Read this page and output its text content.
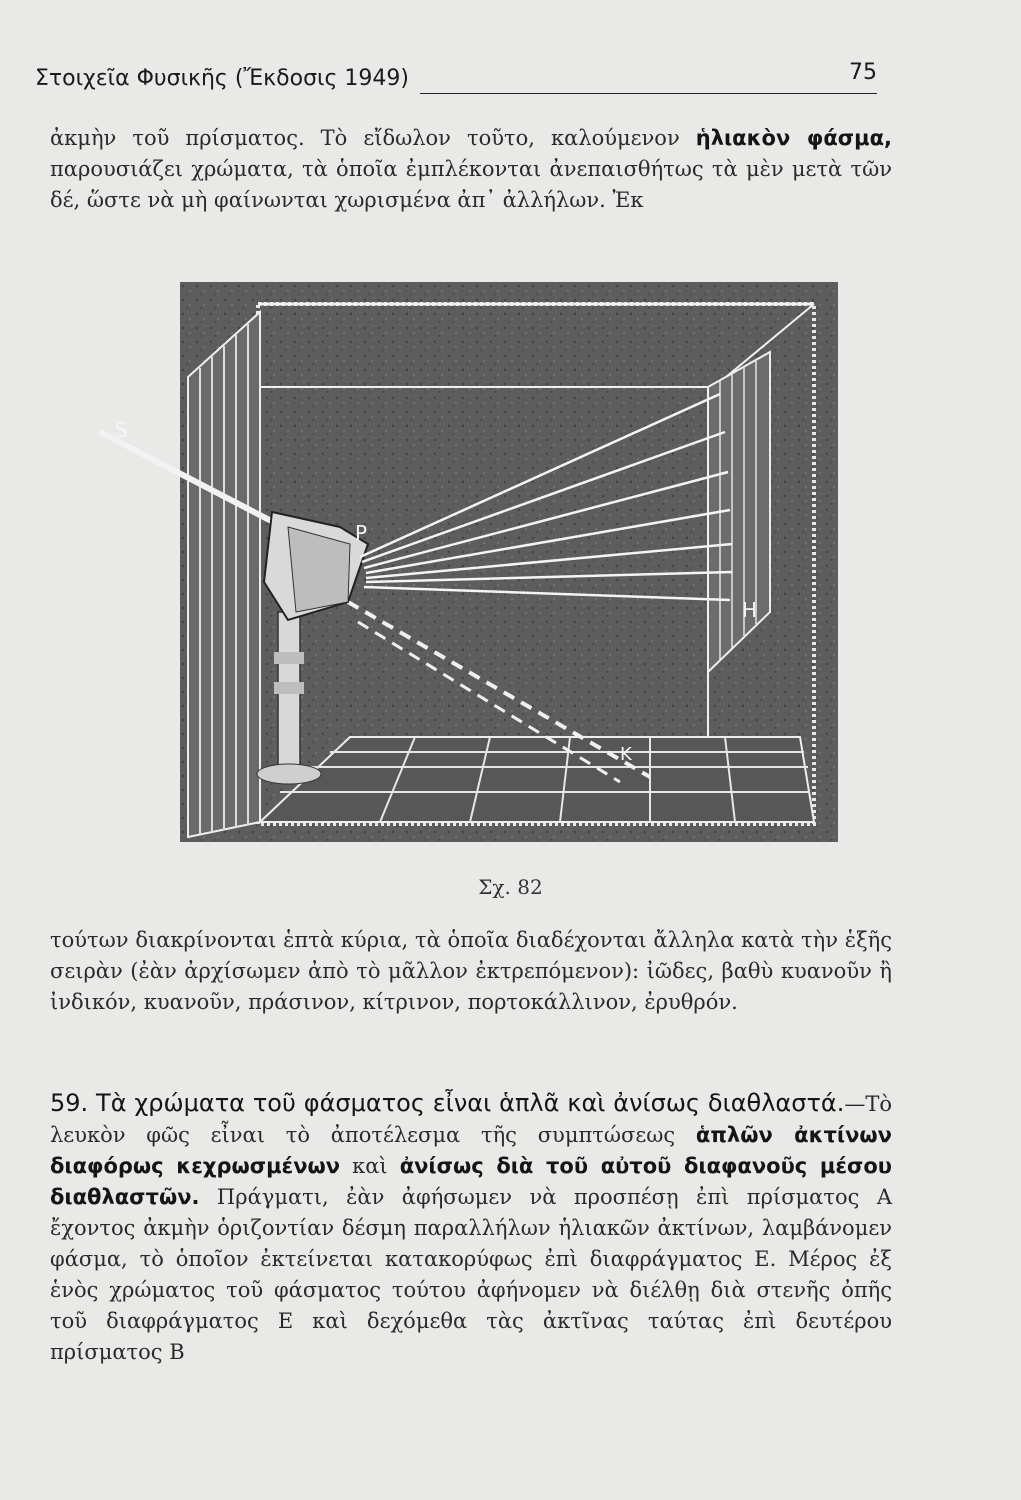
Στοιχεῖα Φυσικῆς (Ἔκδοσις 1949)	75
ἀκμὴν τοῦ πρίσματος. Τὸ εἴδωλον τοῦτο, καλούμενον ἡλιακὸν φάσμα, παρουσιάζει χρώματα, τὰ ὁποῖα ἐμπλέκονται ἀνεπαισθήτως τὰ μὲν μετὰ τῶν δέ, ὥστε νὰ μὴ φαίνωνται χωρισμένα ἀπ᾽ ἀλλήλων. Ἐκ
S
P
H
K
Σχ. 82
τούτων διακρίνονται ἑπτὰ κύρια, τὰ ὁποῖα διαδέχονται ἄλληλα κατὰ τὴν ἑξῆς σειρὰν (ἐὰν ἀρχίσωμεν ἀπὸ τὸ μᾶλλον ἐκτρεπόμενον): ἰῶδες, βαθὺ κυανοῦν ἢ ἰνδικόν, κυανοῦν, πράσινον, κίτρινον, πορτοκάλλινον, ἐρυθρόν.
59. Τὰ χρώματα τοῦ φάσματος εἶναι ἁπλᾶ καὶ ἀνίσως διαθλαστά.—Τὸ λευκὸν φῶς εἶναι τὸ ἀποτέλεσμα τῆς συμπτώσεως ἁπλῶν ἀκτίνων διαφόρως κεχρωσμένων καὶ ἀνίσως διὰ τοῦ αὐτοῦ διαφανοῦς μέσου διαθλαστῶν. Πράγματι, ἐὰν ἀφήσωμεν νὰ προσπέσῃ ἐπὶ πρίσματος Α ἔχοντος ἀκμὴν ὁριζοντίαν δέσμη παραλλήλων ἡλιακῶν ἀκτίνων, λαμβάνομεν φάσμα, τὸ ὁποῖον ἐκτείνεται κατακορύφως ἐπὶ διαφράγματος Ε. Μέρος ἐξ ἑνὸς χρώματος τοῦ φάσματος τούτου ἀφήνομεν νὰ διέλθῃ διὰ στενῆς ὀπῆς τοῦ διαφράγματος Ε καὶ δεχόμεθα τὰς ἀκτῖνας ταύτας ἐπὶ δευτέρου πρίσματος Β
